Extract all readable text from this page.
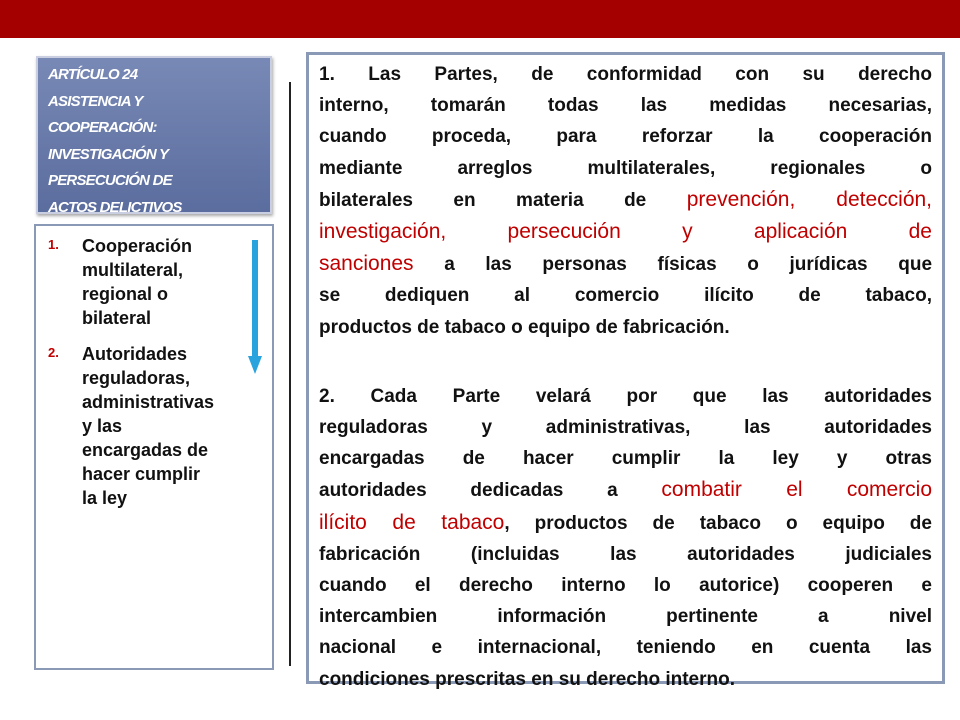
ARTÍCULO 24
ASISTENCIA Y
COOPERACIÓN:
INVESTIGACIÓN Y
PERSECUCIÓN DE
ACTOS DELICTIVOS
1. Cooperación
multilateral,
regional o
bilateral
2. Autoridades
reguladoras,
administrativas
y las
encargadas de
hacer cumplir
la ley
1. Las Partes, de conformidad con su derecho
interno, tomarán todas las medidas necesarias,
cuando proceda, para reforzar la cooperación
mediante arreglos multilaterales, regionales o
bilaterales en materia de prevención, detección,
investigación, persecución y aplicación de
sanciones a las personas físicas o jurídicas que
se dediquen al comercio ilícito de tabaco,
productos de tabaco o equipo de fabricación.
2. Cada Parte velará por que las autoridades
reguladoras y administrativas, las autoridades
encargadas de hacer cumplir la ley y otras
autoridades dedicadas a combatir el comercio
ilícito de tabaco, productos de tabaco o equipo de
fabricación (incluidas las autoridades judiciales
cuando el derecho interno lo autorice) cooperen e
intercambien información pertinente a nivel
nacional e internacional, teniendo en cuenta las
condiciones prescritas en su derecho interno.
